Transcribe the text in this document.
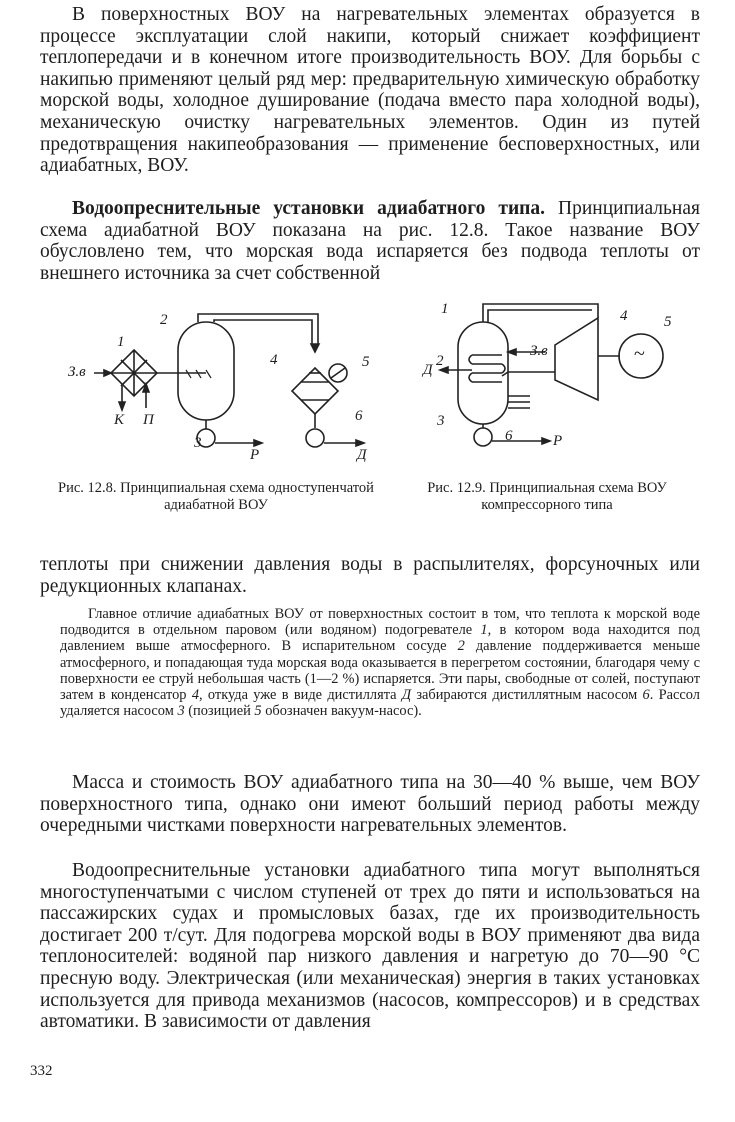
В поверхностных ВОУ на нагревательных элементах образуется в процессе эксплуатации слой накипи, который снижает коэффициент теплопередачи и в конечном итоге производительность ВОУ. Для борьбы с накипью применяют целый ряд мер: предварительную химическую обработку морской воды, холодное душирование (подача вместо пара холодной воды), механическую очистку нагревательных элементов. Один из путей предотвращения накипеобразования — применение бесповерхностных, или адиабатных, ВОУ.

Водоопреснительные установки адиабатного типа. Принципиальная схема адиабатной ВОУ показана на рис. 12.8. Такое название ВОУ обусловлено тем, что морская вода испаряется без подвода теплоты от внешнего источника за счет собственной

1
2
3
4	5
6
З.в
К П
Р	Д
1
2
3
4 5
6
З.в
Д
Р
~

Рис. 12.8. Принципиальная схема одноступенчатой адиабатной ВОУ

Рис. 12.9. Принципиальная схема ВОУ компрессорного типа

теплоты при снижении давления воды в распылителях, форсуночных или редукционных клапанах.

Главное отличие адиабатных ВОУ от поверхностных состоит в том, что теплота к морской воде подводится в отдельном паровом (или водяном) подогревателе 1, в котором вода находится под давлением выше атмосферного. В испарительном сосуде 2 давление поддерживается меньше атмосферного, и попадающая туда морская вода оказывается в перегретом состоянии, благодаря чему с поверхности ее струй небольшая часть (1—2 %) испаряется. Эти пары, свободные от солей, поступают затем в конденсатор 4, откуда уже в виде дистиллята Д забираются дистиллятным насосом 6. Рассол удаляется насосом 3 (позицией 5 обозначен вакуум-насос).

Масса и стоимость ВОУ адиабатного типа на 30—40 % выше, чем ВОУ поверхностного типа, однако они имеют больший период работы между очередными чистками поверхности нагревательных элементов.

Водоопреснительные установки адиабатного типа могут выполняться многоступенчатыми с числом ступеней от трех до пяти и использоваться на пассажирских судах и промысловых базах, где их производительность достигает 200 т/сут. Для подогрева морской воды в ВОУ применяют два вида теплоносителей: водяной пар низкого давления и нагретую до 70—90 °С пресную воду. Электрическая (или механическая) энергия в таких установках используется для привода механизмов (насосов, компрессоров) и в средствах автоматики. В зависимости от давления

332
